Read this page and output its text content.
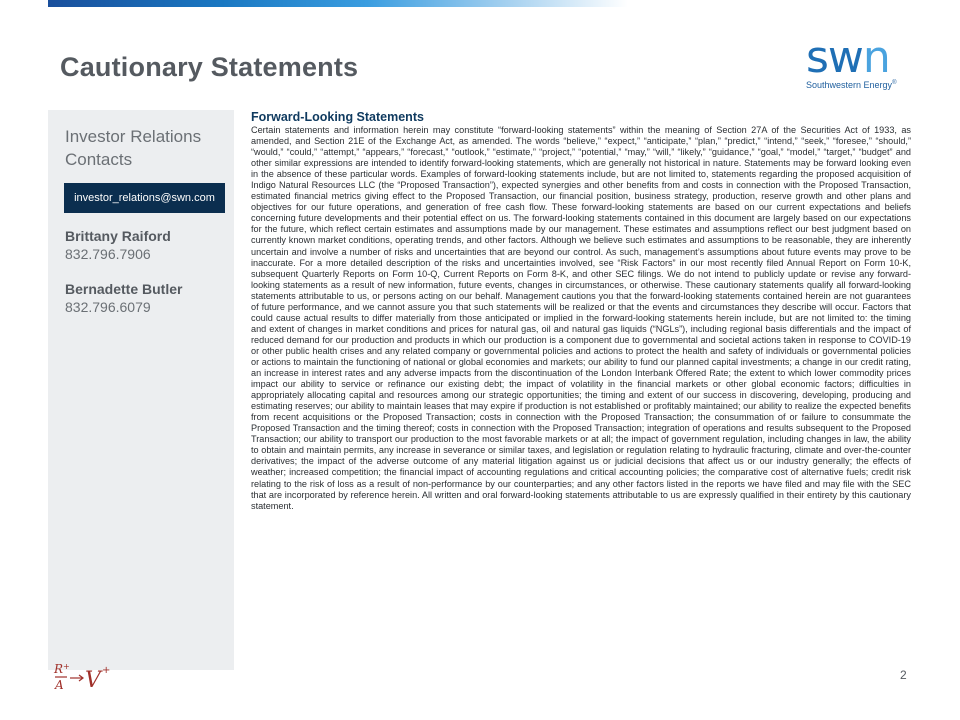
Cautionary Statements	swn
Southwestern Energy®
Investor Relations Contacts
investor_relations@swn.com
Brittany Raiford
832.796.7906
Bernadette Butler
832.796.6079
Forward-Looking Statements

Certain statements and information herein may constitute “forward-looking statements” within the meaning of Section 27A of the Securities Act of 1933, as amended, and Section 21E of the Exchange Act, as amended. The words “believe,” “expect,” “anticipate,” “plan,” “predict,” “intend,” “seek,” “foresee,” “should,” “would,” “could,” “attempt,” “appears,” “forecast,” “outlook,” “estimate,” “project,” “potential,” “may,” “will,” “likely,” “guidance,” “goal,” “model,” “target,” “budget” and other similar expressions are intended to identify forward-looking statements, which are generally not historical in nature. Statements may be forward looking even in the absence of these particular words. Examples of forward-looking statements include, but are not limited to, statements regarding the proposed acquisition of Indigo Natural Resources LLC (the “Proposed Transaction”), expected synergies and other benefits from and costs in connection with the Proposed Transaction, estimated financial metrics giving effect to the Proposed Transaction, our financial position, business strategy, production, reserve growth and other plans and objectives for our future operations, and generation of free cash flow. These forward-looking statements are based on our current expectations and beliefs concerning future developments and their potential effect on us. The forward-looking statements contained in this document are largely based on our expectations for the future, which reflect certain estimates and assumptions made by our management. These estimates and assumptions reflect our best judgment based on currently known market conditions, operating trends, and other factors. Although we believe such estimates and assumptions to be reasonable, they are inherently uncertain and involve a number of risks and uncertainties that are beyond our control. As such, management’s assumptions about future events may prove to be inaccurate. For a more detailed description of the risks and uncertainties involved, see “Risk Factors” in our most recently filed Annual Report on Form 10-K, subsequent Quarterly Reports on Form 10-Q, Current Reports on Form 8-K, and other SEC filings. We do not intend to publicly update or revise any forward-looking statements as a result of new information, future events, changes in circumstances, or otherwise. These cautionary statements qualify all forward-looking statements attributable to us, or persons acting on our behalf. Management cautions you that the forward-looking statements contained herein are not guarantees of future performance, and we cannot assure you that such statements will be realized or that the events and circumstances they describe will occur. Factors that could cause actual results to differ materially from those anticipated or implied in the forward-looking statements herein include, but are not limited to: the timing and extent of changes in market conditions and prices for natural gas, oil and natural gas liquids (“NGLs”), including regional basis differentials and the impact of reduced demand for our production and products in which our production is a component due to governmental and societal actions taken in response to COVID-19 or other public health crises and any related company or governmental policies and actions to protect the health and safety of individuals or governmental policies or actions to maintain the functioning of national or global economies and markets; our ability to fund our planned capital investments; a change in our credit rating, an increase in interest rates and any adverse impacts from the discontinuation of the London Interbank Offered Rate; the extent to which lower commodity prices impact our ability to service or refinance our existing debt; the impact of volatility in the financial markets or other global economic factors; difficulties in appropriately allocating capital and resources among our strategic opportunities; the timing and extent of our success in discovering, developing, producing and estimating reserves; our ability to maintain leases that may expire if production is not established or profitably maintained; our ability to realize the expected benefits from recent acquisitions or the Proposed Transaction; costs in connection with the Proposed Transaction; the consummation of or failure to consummate the Proposed Transaction and the timing thereof; costs in connection with the Proposed Transaction; integration of operations and results subsequent to the Proposed Transaction; our ability to transport our production to the most favorable markets or at all; the impact of government regulation, including changes in law, the ability to obtain and maintain permits, any increase in severance or similar taxes, and legislation or regulation relating to hydraulic fracturing, climate and over-the-counter derivatives; the impact of the adverse outcome of any material litigation against us or judicial decisions that affect us or our industry generally; the effects of weather; increased competition; the financial impact of accounting regulations and critical accounting policies; the comparative cost of alternative fuels; credit risk relating to the risk of loss as a result of non-performance by our counterparties; and any other factors listed in the reports we have filed and may file with the SEC that are incorporated by reference herein. All written and oral forward-looking statements attributable to us are expressly qualified in their entirety by this cautionary statement.

R +
A V +	2
